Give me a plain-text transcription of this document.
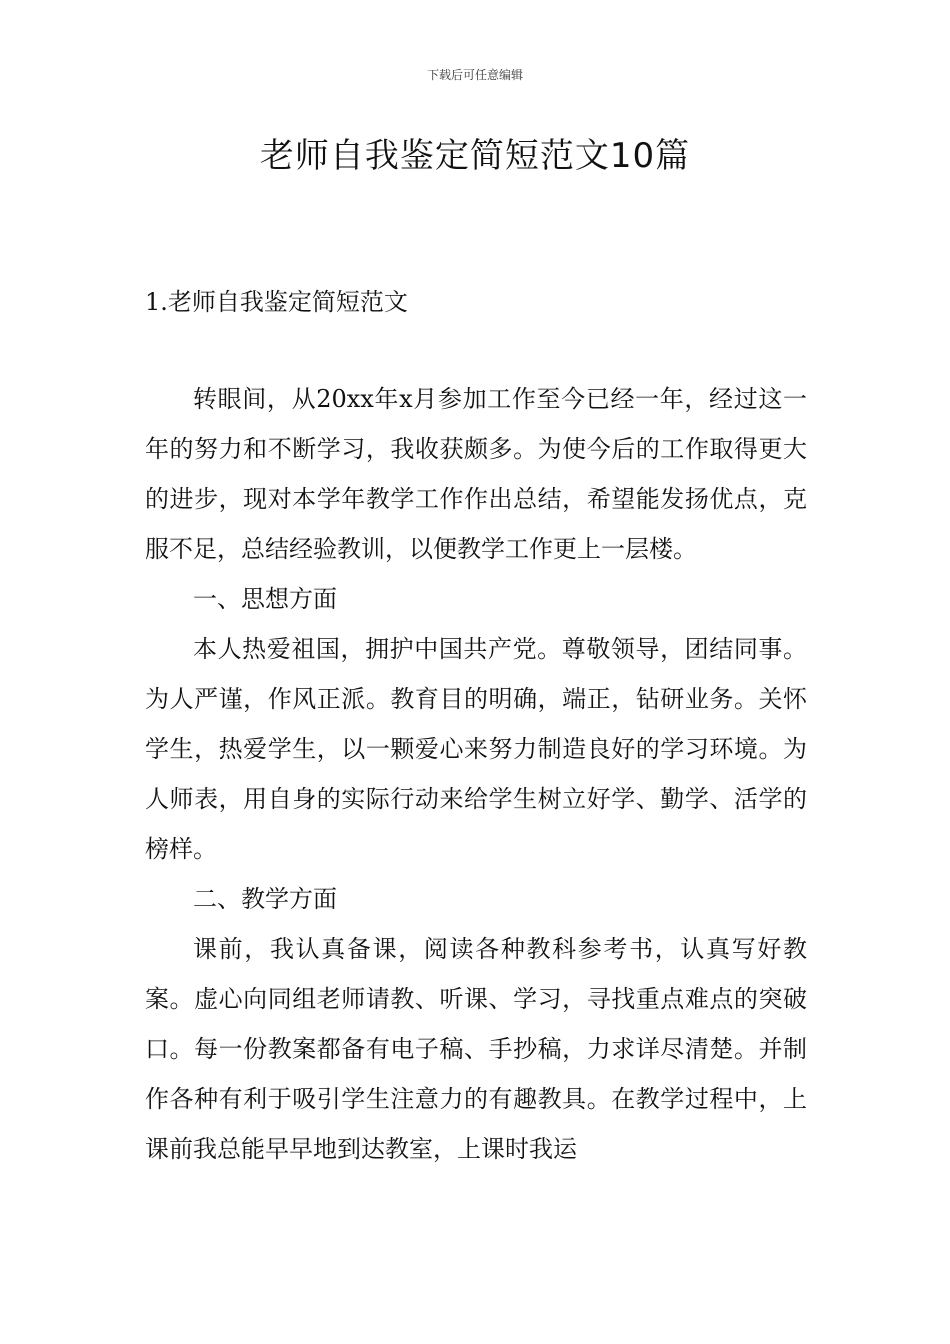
下载后可任意编辑
老师自我鉴定简短范文10篇
1.老师自我鉴定简短范文

转眼间，从20xx年x月参加工作至今已经一年，经过这一年的努力和不断学习，我收获颇多。为使今后的工作取得更大的进步，现对本学年教学工作作出总结，希望能发扬优点，克服不足，总结经验教训，以便教学工作更上一层楼。

一、思想方面

本人热爱祖国，拥护中国共产党。尊敬领导，团结同事。为人严谨，作风正派。教育目的明确，端正，钻研业务。关怀学生，热爱学生，以一颗爱心来努力制造良好的学习环境。为人师表，用自身的实际行动来给学生树立好学、勤学、活学的榜样。

二、教学方面

课前，我认真备课，阅读各种教科参考书，认真写好教案。虚心向同组老师请教、听课、学习，寻找重点难点的突破口。每一份教案都备有电子稿、手抄稿，力求详尽清楚。并制作各种有利于吸引学生注意力的有趣教具。在教学过程中，上课前我总能早早地到达教室，上课时我运
